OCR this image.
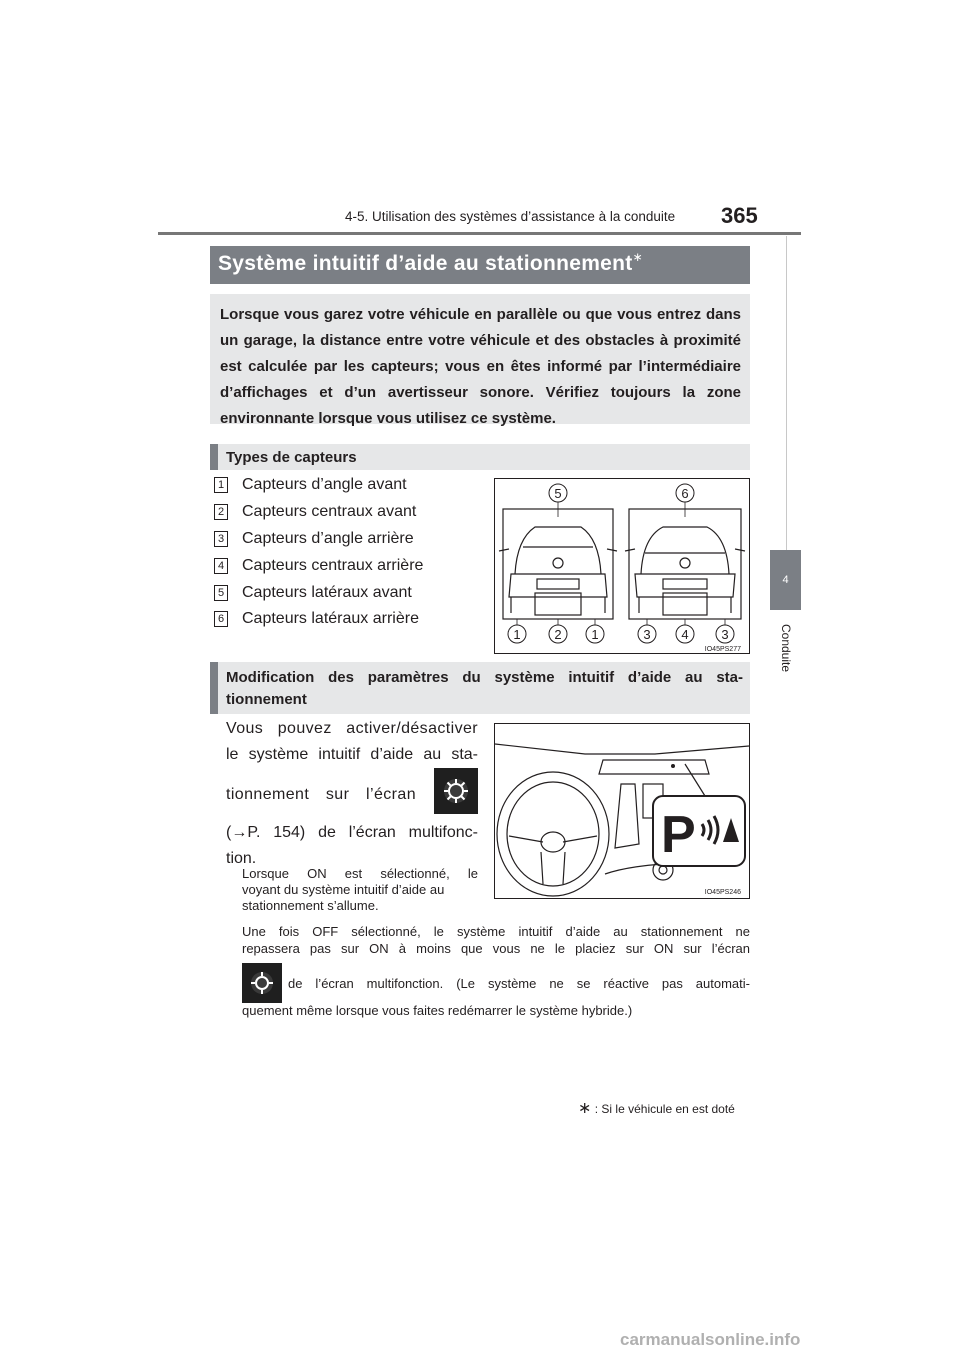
4-5. Utilisation des systèmes d’assistance à la conduite 365
4
Conduite
Système intuitif d’aide au stationnement∗
Lorsque vous garez votre véhicule en parallèle ou que vous entrez dans un garage, la distance entre votre véhicule et des obstacles à proximité est calculée par les capteurs; vous en êtes informé par l’intermédiaire d’affichages et d’un avertisseur sonore. Vérifiez toujours la zone environnante lorsque vous utilisez ce système.
Types de capteurs
1 Capteurs d’angle avant
2 Capteurs centraux avant
3 Capteurs d’angle arrière
4 Capteurs centraux arrière
5 Capteurs latéraux avant
6 Capteurs latéraux arrière
5	6
1	2 1	3 4	3
IO45PS277
Modification des paramètres du système intuitif d’aide au sta-
tionnement
Vous pouvez activer/désactiver
le système intuitif d’aide au sta-
tionnement sur l’écran
(→P. 154) de l’écran multifonc-
tion.
Lorsque ON est sélectionné, le
voyant du système intuitif d’aide au
stationnement s’allume.
P
IO45PS246
Une fois OFF sélectionné, le système intuitif d’aide au stationnement ne
repassera pas sur ON à moins que vous ne le placiez sur ON sur l’écran
de l’écran multifonction. (Le système ne se réactive pas automati-
quement même lorsque vous faites redémarrer le système hybride.)
∗ : Si le véhicule en est doté
carmanualsonline.info
